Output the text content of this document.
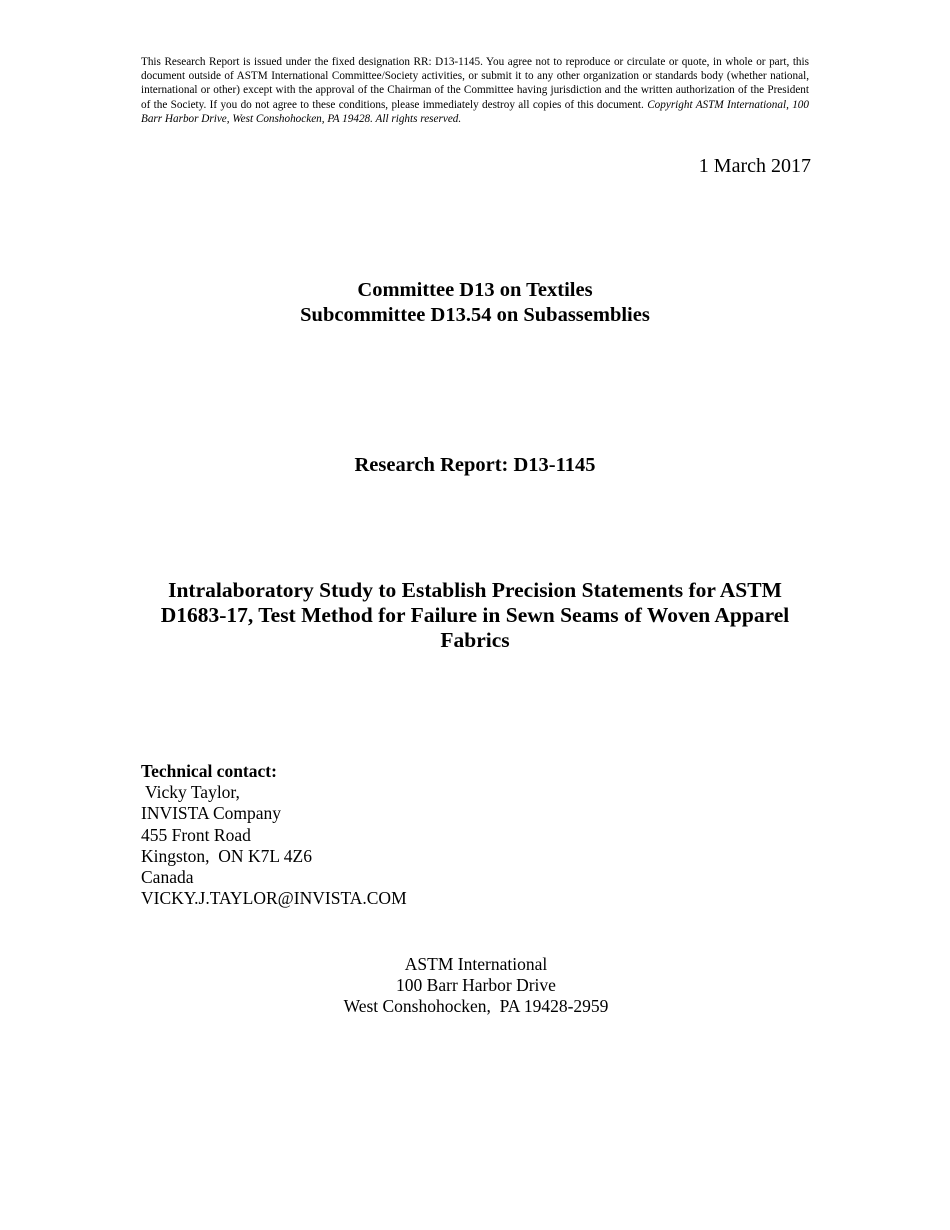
This Research Report is issued under the fixed designation RR: D13-1145. You agree not to reproduce or circulate or quote, in whole or part, this document outside of ASTM International Committee/Society activities, or submit it to any other organization or standards body (whether national, international or other) except with the approval of the Chairman of the Committee having jurisdiction and the written authorization of the President of the Society. If you do not agree to these conditions, please immediately destroy all copies of this document. Copyright ASTM International, 100 Barr Harbor Drive, West Conshohocken, PA 19428. All rights reserved.
1 March 2017
Committee D13 on Textiles
Subcommittee D13.54 on Subassemblies
Research Report: D13-1145
Intralaboratory Study to Establish Precision Statements for ASTM D1683-17, Test Method for Failure in Sewn Seams of Woven Apparel Fabrics
Technical contact:
Vicky Taylor,
INVISTA Company
455 Front Road
Kingston,  ON K7L 4Z6
Canada
VICKY.J.TAYLOR@INVISTA.COM
ASTM International
100 Barr Harbor Drive
West Conshohocken,  PA 19428-2959
